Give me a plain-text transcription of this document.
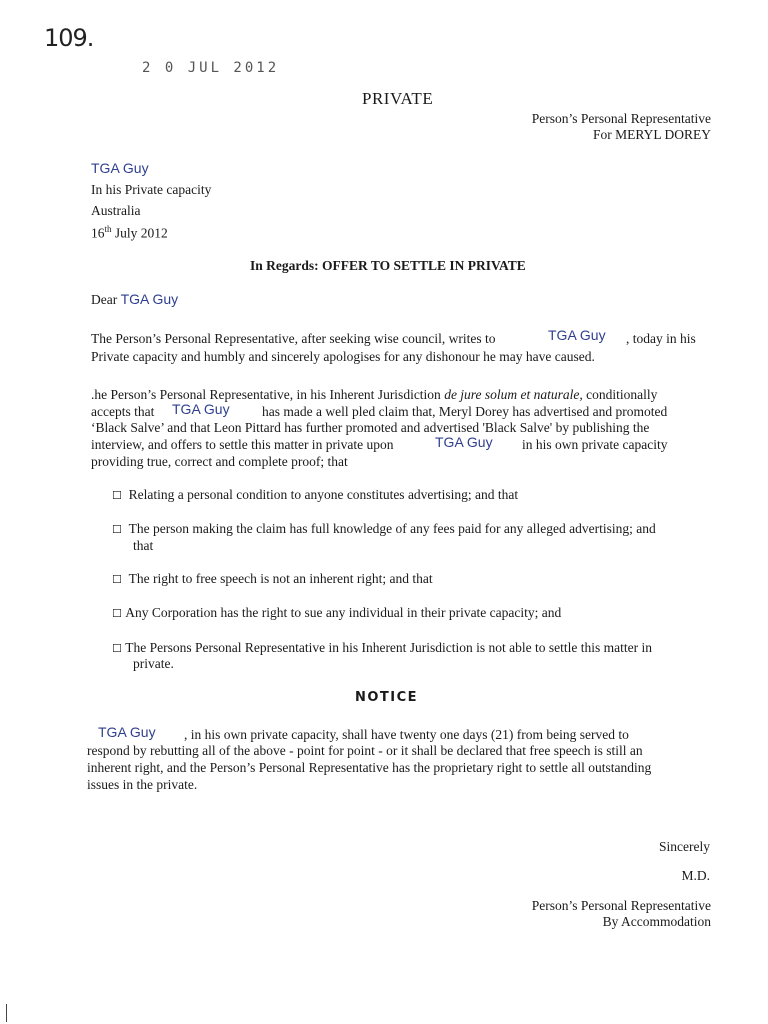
109.
2 0 JUL 2012
PRIVATE
Person’s Personal Representative
For MERYL DOREY
TGA Guy
In his Private capacity
Australia
16th July 2012
In Regards: OFFER TO SETTLE IN PRIVATE
Dear TGA Guy
The Person’s Personal Representative, after seeking wise council, writes to	TGA Guy , today in his
Private capacity and humbly and sincerely apologises for any dishonour he may have caused.
.he Person’s Personal Representative, in his Inherent Jurisdiction de jure solum et naturale, conditionally
accepts that TGA Guy has made a well pled claim that, Meryl Dorey has advertised and promoted
‘Black Salve’ and that Leon Pittard has further promoted and advertised 'Black Salve' by publishing the
interview, and offers to settle this matter in private upon	TGA Guy in his own private capacity
providing true, correct and complete proof; that
☐ Relating a personal condition to anyone constitutes advertising; and that
☐ The person making the claim has full knowledge of any fees paid for any alleged advertising; and
that
☐ The right to free speech is not an inherent right; and that
☐ Any Corporation has the right to sue any individual in their private capacity; and
☐ The Persons Personal Representative in his Inherent Jurisdiction is not able to settle this matter in
private.
NOTICE
TGA Guy , in his own private capacity, shall have twenty one days (21) from being served to
respond by rebutting all of the above - point for point - or it shall be declared that free speech is still an
inherent right, and the Person’s Personal Representative has the proprietary right to settle all outstanding
issues in the private.
Sincerely
M.D.
Person’s Personal Representative
By Accommodation
